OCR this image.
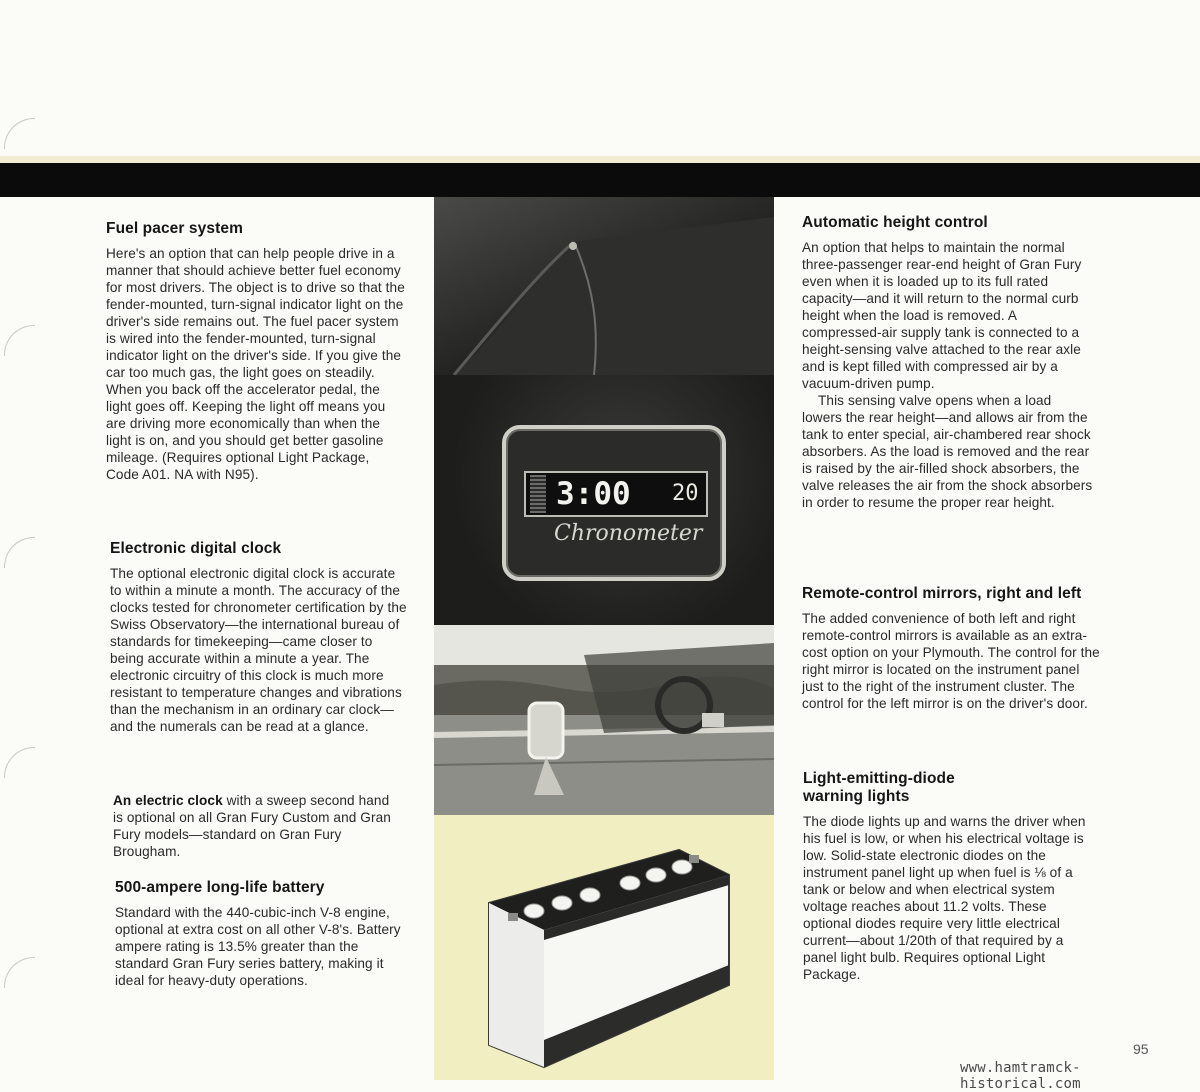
Fuel pacer system

Here's an option that can help people drive in a manner that should achieve better fuel economy for most drivers. The object is to drive so that the fender-mounted, turn-signal indicator light on the driver's side remains out. The fuel pacer system is wired into the fender-mounted, turn-signal indicator light on the driver's side. If you give the car too much gas, the light goes on steadily. When you back off the accelerator pedal, the light goes off. Keeping the light off means you are driving more economically than when the light is on, and you should get better gasoline mileage. (Requires optional Light Package, Code A01. NA with N95).

Electronic digital clock

The optional electronic digital clock is accurate to within a minute a month. The accuracy of the clocks tested for chronometer certification by the Swiss Observatory—the international bureau of standards for timekeeping—came closer to being accurate within a minute a year. The electronic circuitry of this clock is much more resistant to temperature changes and vibrations than the mechanism in an ordinary car clock—and the numerals can be read at a glance.

An electric clock with a sweep second hand is optional on all Gran Fury Custom and Gran Fury models—standard on Gran Fury Brougham.

500-ampere long-life battery

Standard with the 440-cubic-inch V-8 engine, optional at extra cost on all other V-8's. Battery ampere rating is 13.5% greater than the standard Gran Fury series battery, making it ideal for heavy-duty operations.

3:00 20
Chronometer
Automatic height control

An option that helps to maintain the normal three-passenger rear-end height of Gran Fury even when it is loaded up to its full rated capacity—and it will return to the normal curb height when the load is removed. A compressed-air supply tank is connected to a height-sensing valve attached to the rear axle and is kept filled with compressed air by a vacuum-driven pump.

This sensing valve opens when a load lowers the rear height—and allows air from the tank to enter special, air-chambered rear shock absorbers. As the load is removed and the rear is raised by the air-filled shock absorbers, the valve releases the air from the shock absorbers in order to resume the proper rear height.

Remote-control mirrors, right and left

The added convenience of both left and right remote-control mirrors is available as an extra-cost option on your Plymouth. The control for the right mirror is located on the instrument panel just to the right of the instrument cluster. The control for the left mirror is on the driver's door.

Light-emitting-diode warning lights

The diode lights up and warns the driver when his fuel is low, or when his electrical voltage is low. Solid-state electronic diodes on the instrument panel light up when fuel is ⅛ of a tank or below and when electrical system voltage reaches about 11.2 volts. These optional diodes require very little electrical current—about 1/20th of that required by a panel light bulb. Requires optional Light Package.

95
www.hamtramck-historical.com
